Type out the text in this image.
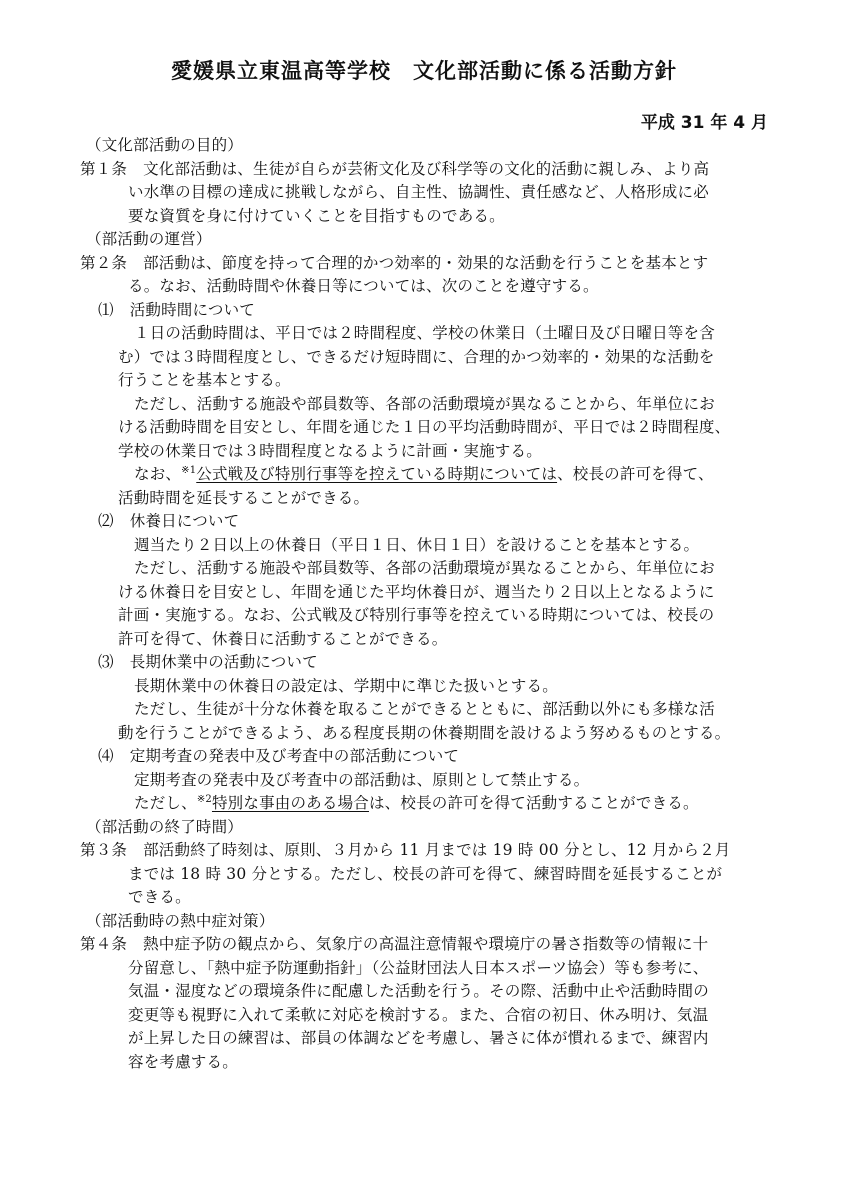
愛媛県立東温高等学校　文化部活動に係る活動方針
平成 31 年 4 月
（文化部活動の目的）
第１条 文化部活動は、生徒が自らが芸術文化及び科学等の文化的活動に親しみ、より高
い水準の目標の達成に挑戦しながら、自主性、協調性、責任感など、人格形成に必
要な資質を身に付けていくことを目指すものである。
（部活動の運営）
第２条 部活動は、節度を持って合理的かつ効率的・効果的な活動を行うことを基本とす
る。なお、活動時間や休養日等については、次のことを遵守する。
⑴ 活動時間について
１日の活動時間は、平日では２時間程度、学校の休業日（土曜日及び日曜日等を含
む）では３時間程度とし、できるだけ短時間に、合理的かつ効率的・効果的な活動を
行うことを基本とする。
ただし、活動する施設や部員数等、各部の活動環境が異なることから、年単位にお
ける活動時間を目安とし、年間を通じた１日の平均活動時間が、平日では２時間程度、
学校の休業日では３時間程度となるように計画・実施する。
なお、$^{※1}$公式戦及び特別行事等を控えている時期については、校長の許可を得て、
活動時間を延長することができる。
⑵ 休養日について
週当たり２日以上の休養日（平日１日、休日１日）を設けることを基本とする。
ただし、活動する施設や部員数等、各部の活動環境が異なることから、年単位にお
ける休養日を目安とし、年間を通じた平均休養日が、週当たり２日以上となるように
計画・実施する。なお、公式戦及び特別行事等を控えている時期については、校長の
許可を得て、休養日に活動することができる。
⑶ 長期休業中の活動について
長期休業中の休養日の設定は、学期中に準じた扱いとする。
ただし、生徒が十分な休養を取ることができるとともに、部活動以外にも多様な活
動を行うことができるよう、ある程度長期の休養期間を設けるよう努めるものとする。
⑷ 定期考査の発表中及び考査中の部活動について
定期考査の発表中及び考査中の部活動は、原則として禁止する。
ただし、$^{※2}$特別な事由のある場合は、校長の許可を得て活動することができる。
（部活動の終了時間）
第３条 部活動終了時刻は、原則、３月から 11 月までは 19 時 00 分とし、12 月から２月
までは 18 時 30 分とする。ただし、校長の許可を得て、練習時間を延長することが
できる。
（部活動時の熱中症対策）
第４条 熱中症予防の観点から、気象庁の高温注意情報や環境庁の暑さ指数等の情報に十
分留意し、「熱中症予防運動指針」（公益財団法人日本スポーツ協会）等も参考に、
気温・湿度などの環境条件に配慮した活動を行う。その際、活動中止や活動時間の
変更等も視野に入れて柔軟に対応を検討する。また、合宿の初日、休み明け、気温
が上昇した日の練習は、部員の体調などを考慮し、暑さに体が慣れるまで、練習内
容を考慮する。
